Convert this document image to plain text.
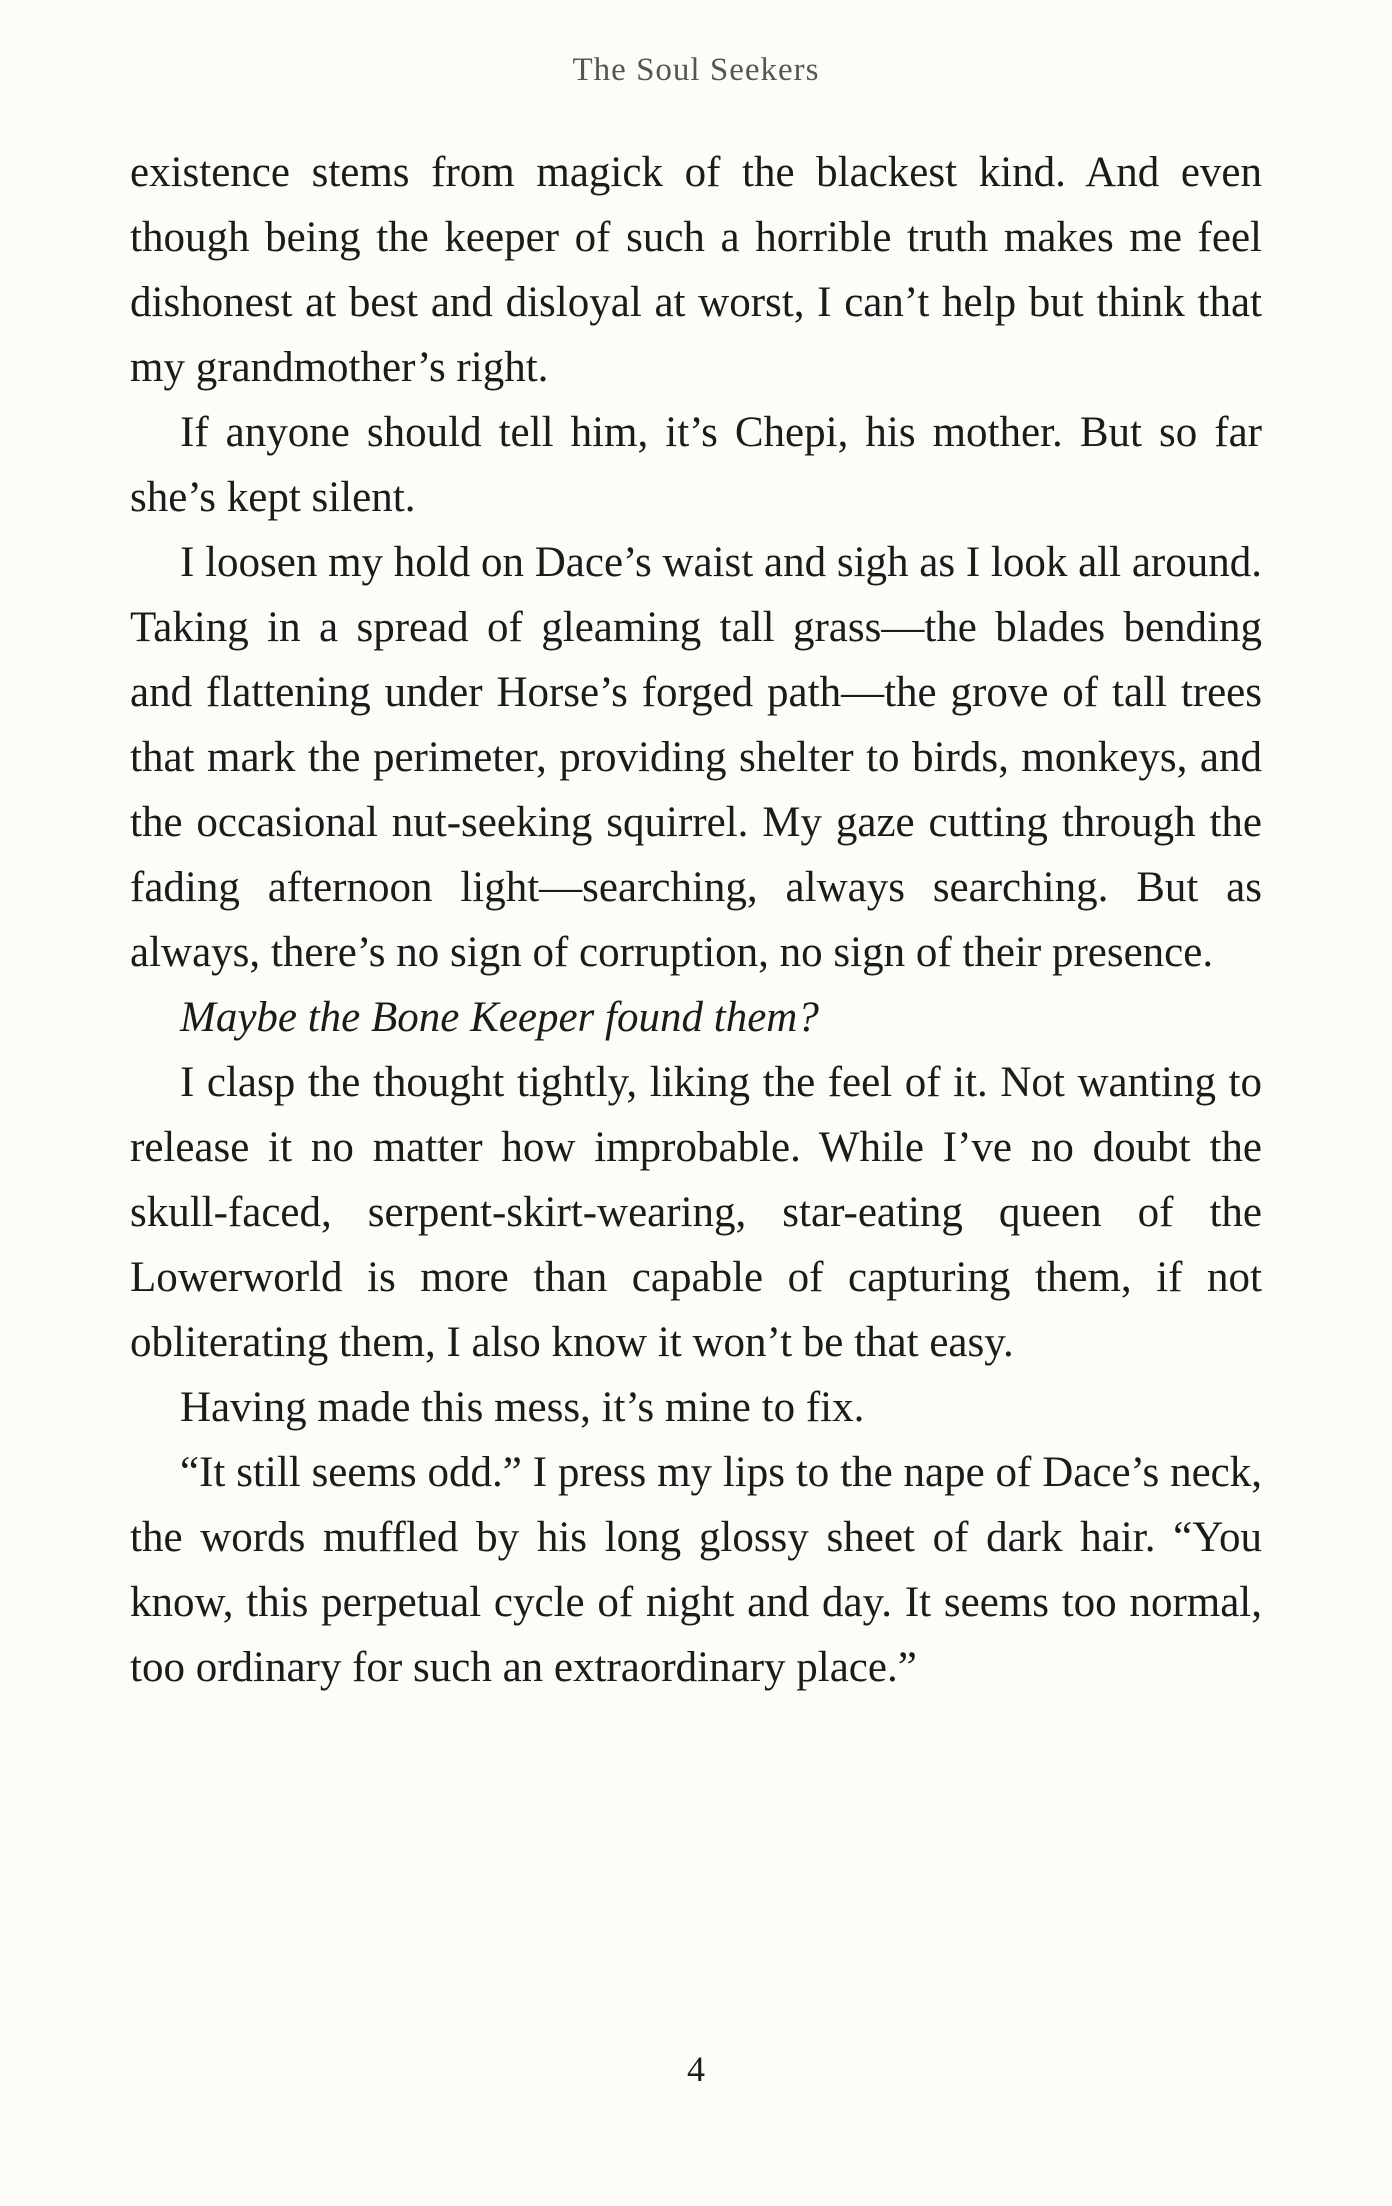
The Soul Seekers

existence stems from magick of the blackest kind. And even though being the keeper of such a horrible truth makes me feel dishonest at best and disloyal at worst, I can’t help but think that my grandmother’s right.

If anyone should tell him, it’s Chepi, his mother. But so far she’s kept silent.

I loosen my hold on Dace’s waist and sigh as I look all around. Taking in a spread of gleaming tall grass—the blades bending and flattening under Horse’s forged path—the grove of tall trees that mark the perimeter, providing shelter to birds, monkeys, and the occasional nut-seeking squirrel. My gaze cutting through the fading afternoon light—searching, always searching. But as always, there’s no sign of corruption, no sign of their presence.

Maybe the Bone Keeper found them?

I clasp the thought tightly, liking the feel of it. Not wanting to release it no matter how improbable. While I’ve no doubt the skull-faced, serpent-skirt-wearing, star-eating queen of the Lowerworld is more than capable of capturing them, if not obliterating them, I also know it won’t be that easy.

Having made this mess, it’s mine to fix.

“It still seems odd.” I press my lips to the nape of Dace’s neck, the words muffled by his long glossy sheet of dark hair. “You know, this perpetual cycle of night and day. It seems too normal, too ordinary for such an extraordinary place.”

4
